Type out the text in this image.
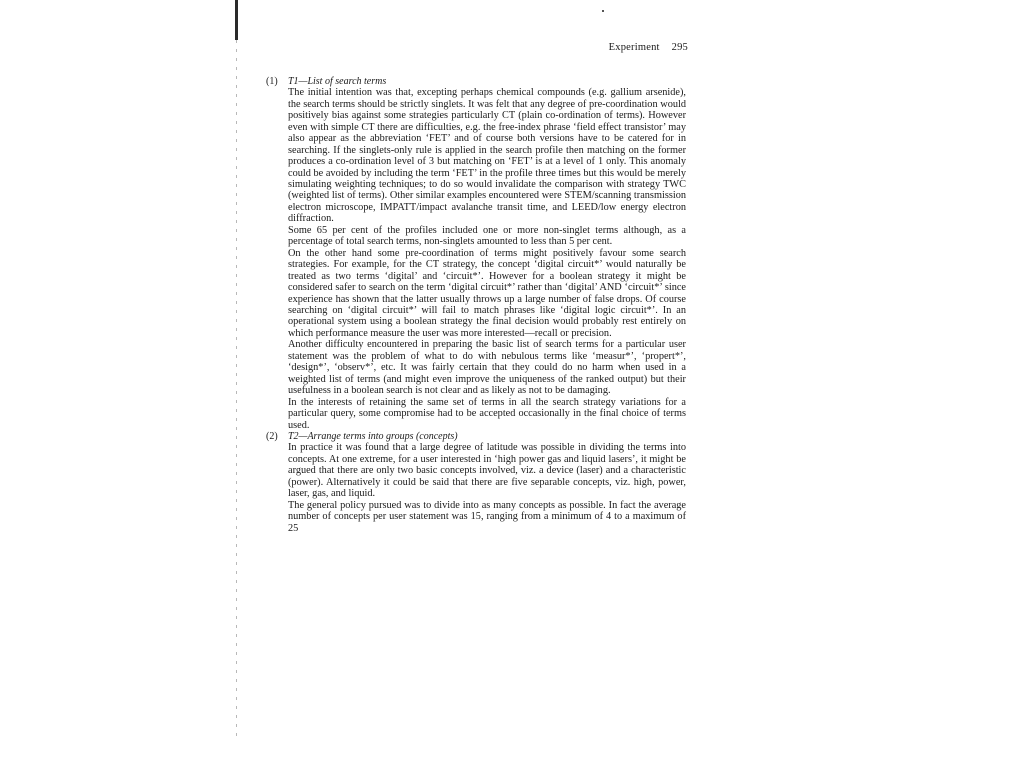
Experiment 295
(1)	T1—List of search terms

The initial intention was that, excepting perhaps chemical compounds (e.g. gallium arsenide), the search terms should be strictly singlets. It was felt that any degree of pre-coordination would positively bias against some strategies particularly CT (plain co-ordination of terms). However even with simple CT there are difficulties, e.g. the free-index phrase ‘field effect transistor’ may also appear as the abbreviation ‘FET’ and of course both versions have to be catered for in searching. If the singlets-only rule is applied in the search profile then matching on the former produces a co-ordination level of 3 but matching on ‘FET’ is at a level of 1 only. This anomaly could be avoided by including the term ‘FET’ in the profile three times but this would be merely simulating weighting techniques; to do so would invalidate the comparison with strategy TWC (weighted list of terms). Other similar examples encountered were STEM/scanning transmission electron microscope, IMPATT/impact avalanche transit time, and LEED/low energy electron diffraction.

Some 65 per cent of the profiles included one or more non-singlet terms although, as a percentage of total search terms, non-singlets amounted to less than 5 per cent.

On the other hand some pre-coordination of terms might positively favour some search strategies. For example, for the CT strategy, the concept ‘digital circuit*’ would naturally be treated as two terms ‘digital’ and ‘circuit*’. However for a boolean strategy it might be considered safer to search on the term ‘digital circuit*’ rather than ‘digital’ AND ‘circuit*’ since experience has shown that the latter usually throws up a large number of false drops. Of course searching on ‘digital circuit*’ will fail to match phrases like ‘digital logic circuit*’. In an operational system using a boolean strategy the final decision would probably rest entirely on which performance measure the user was more interested—recall or precision.

Another difficulty encountered in preparing the basic list of search terms for a particular user statement was the problem of what to do with nebulous terms like ‘measur*’, ‘propert*’, ‘design*’, ‘observ*’, etc. It was fairly certain that they could do no harm when used in a weighted list of terms (and might even improve the uniqueness of the ranked output) but their usefulness in a boolean search is not clear and as likely as not to be damaging.

In the interests of retaining the same set of terms in all the search strategy variations for a particular query, some compromise had to be accepted occasionally in the final choice of terms used.

(2)	T2—Arrange terms into groups (concepts)

In practice it was found that a large degree of latitude was possible in dividing the terms into concepts. At one extreme, for a user interested in ‘high power gas and liquid lasers’, it might be argued that there are only two basic concepts involved, viz. a device (laser) and a characteristic (power). Alternatively it could be said that there are five separable concepts, viz. high, power, laser, gas, and liquid.

The general policy pursued was to divide into as many concepts as possible. In fact the average number of concepts per user statement was 15, ranging from a minimum of 4 to a maximum of 25
